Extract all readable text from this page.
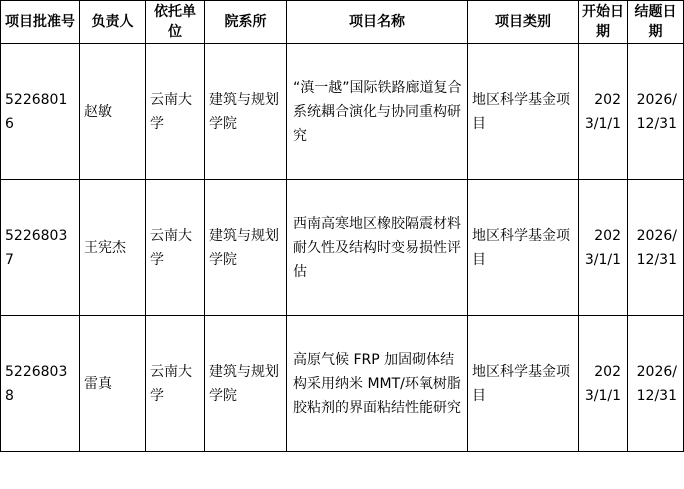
项目批准号	负责人	依托单位	院系所	项目名称	项目类别	开始日期	结题日期
52268016	赵敏	云南大学	建筑与规划学院	“滇一越”国际铁路廊道复合系统耦合演化与协同重构研究	地区科学基金项目	2023/1/1	2026/12/31
52268037	王宪杰	云南大学	建筑与规划学院	西南高寒地区橡胶隔震材料耐久性及结构时变易损性评估	地区科学基金项目	2023/1/1	2026/12/31
52268038	雷真	云南大学	建筑与规划学院	高原气候 FRP 加固砌体结构采用纳米 MMT/环氧树脂胶粘剂的界面粘结性能研究	地区科学基金项目	2023/1/1	2026/12/31
